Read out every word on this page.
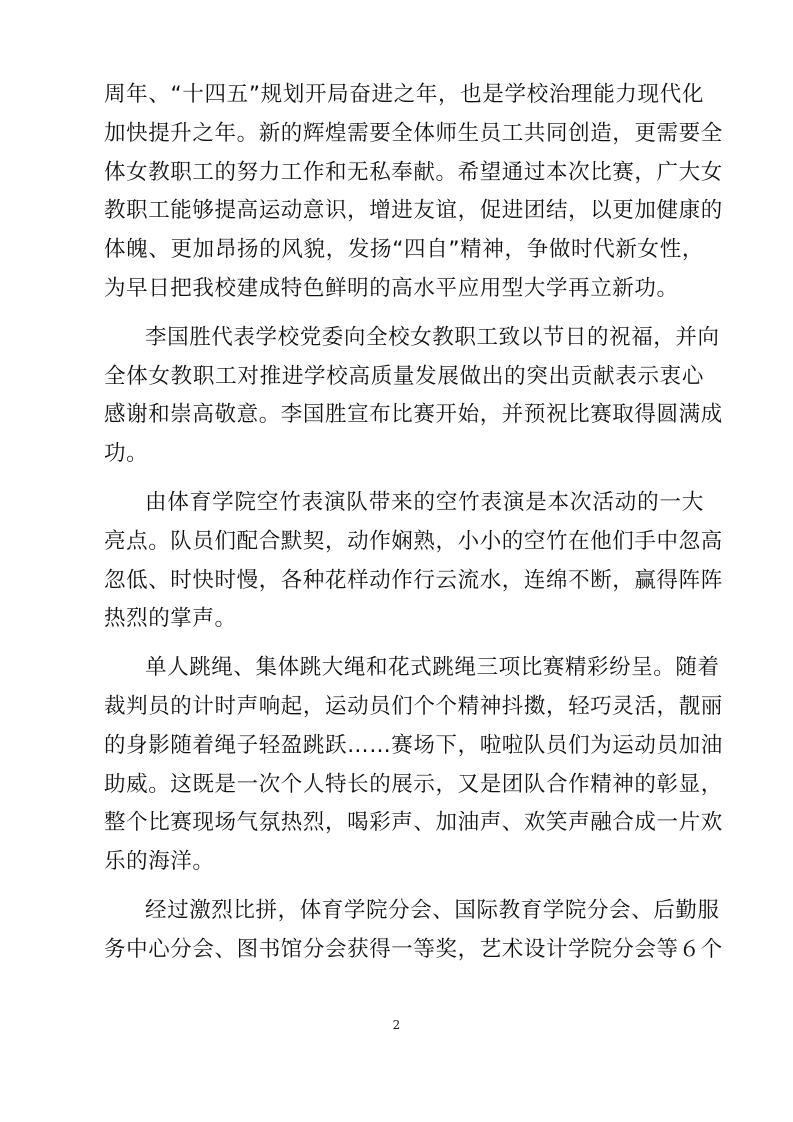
周年、“十四五”规划开局奋进之年，也是学校治理能力现代化
加快提升之年。新的辉煌需要全体师生员工共同创造，更需要全
体女教职工的努力工作和无私奉献。希望通过本次比赛，广大女
教职工能够提高运动意识，增进友谊，促进团结，以更加健康的
体魄、更加昂扬的风貌，发扬“四自”精神，争做时代新女性，
为早日把我校建成特色鲜明的高水平应用型大学再立新功。
李国胜代表学校党委向全校女教职工致以节日的祝福，并向
全体女教职工对推进学校高质量发展做出的突出贡献表示衷心
感谢和崇高敬意。李国胜宣布比赛开始，并预祝比赛取得圆满成
功。
由体育学院空竹表演队带来的空竹表演是本次活动的一大
亮点。队员们配合默契，动作娴熟，小小的空竹在他们手中忽高
忽低、时快时慢，各种花样动作行云流水，连绵不断，赢得阵阵
热烈的掌声。
单人跳绳、集体跳大绳和花式跳绳三项比赛精彩纷呈。随着
裁判员的计时声响起，运动员们个个精神抖擞，轻巧灵活，靓丽
的身影随着绳子轻盈跳跃……赛场下，啦啦队员们为运动员加油
助威。这既是一次个人特长的展示，又是团队合作精神的彰显，
整个比赛现场气氛热烈，喝彩声、加油声、欢笑声融合成一片欢
乐的海洋。
经过激烈比拼，体育学院分会、国际教育学院分会、后勤服
务中心分会、图书馆分会获得一等奖，艺术设计学院分会等６个
2
